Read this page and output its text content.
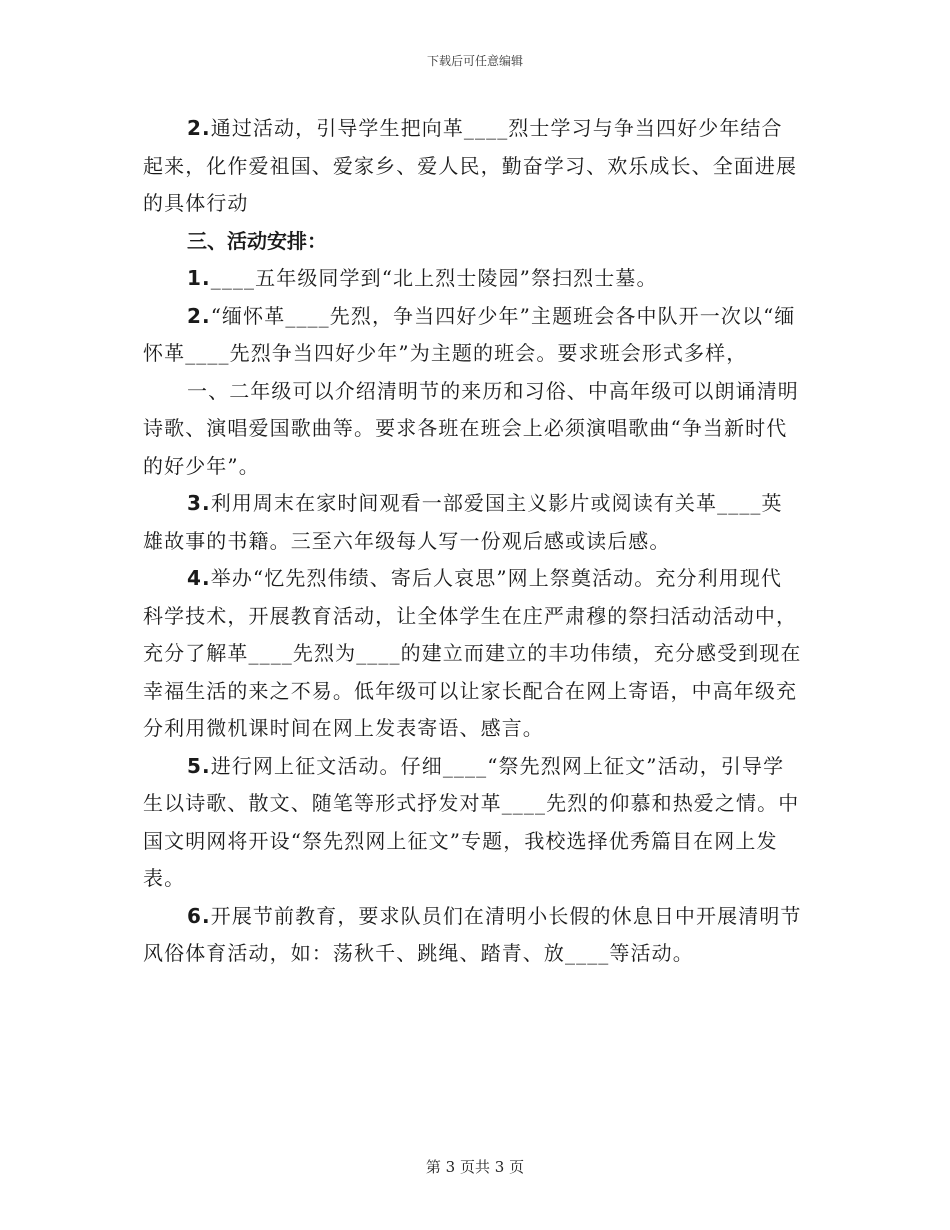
下载后可任意编辑

2.通过活动，引导学生把向革____烈士学习与争当四好少年结合起来，化作爱祖国、爱家乡、爱人民，勤奋学习、欢乐成长、全面进展的具体行动

三、活动安排：

1.____五年级同学到“北上烈士陵园”祭扫烈士墓。

2.“缅怀革____先烈，争当四好少年”主题班会各中队开一次以“缅怀革____先烈争当四好少年”为主题的班会。要求班会形式多样，

一、二年级可以介绍清明节的来历和习俗、中高年级可以朗诵清明诗歌、演唱爱国歌曲等。要求各班在班会上必须演唱歌曲“争当新时代的好少年”。

3.利用周末在家时间观看一部爱国主义影片或阅读有关革____英雄故事的书籍。三至六年级每人写一份观后感或读后感。

4.举办“忆先烈伟绩、寄后人哀思”网上祭奠活动。充分利用现代科学技术，开展教育活动，让全体学生在庄严肃穆的祭扫活动活动中，充分了解革____先烈为____的建立而建立的丰功伟绩，充分感受到现在幸福生活的来之不易。低年级可以让家长配合在网上寄语，中高年级充分利用微机课时间在网上发表寄语、感言。

5.进行网上征文活动。仔细____“祭先烈网上征文”活动，引导学生以诗歌、散文、随笔等形式抒发对革____先烈的仰慕和热爱之情。中国文明网将开设“祭先烈网上征文”专题，我校选择优秀篇目在网上发表。

6.开展节前教育，要求队员们在清明小长假的休息日中开展清明节风俗体育活动，如：荡秋千、跳绳、踏青、放____等活动。

第 3 页共 3 页
